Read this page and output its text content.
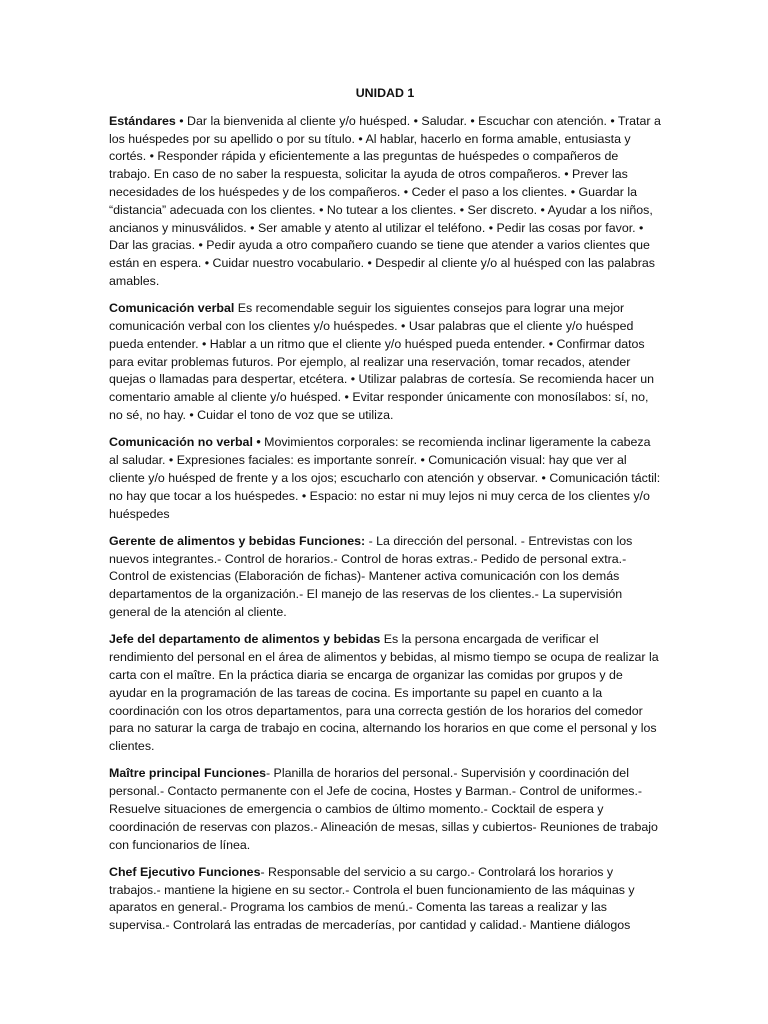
UNIDAD 1

Estándares • Dar la bienvenida al cliente y/o huésped. • Saludar. • Escuchar con atención. • Tratar a los huéspedes por su apellido o por su título. • Al hablar, hacerlo en forma amable, entusiasta y cortés. • Responder rápida y eficientemente a las preguntas de huéspedes o compañeros de trabajo. En caso de no saber la respuesta, solicitar la ayuda de otros compañeros. • Prever las necesidades de los huéspedes y de los compañeros. • Ceder el paso a los clientes. • Guardar la “distancia” adecuada con los clientes. • No tutear a los clientes. • Ser discreto. • Ayudar a los niños, ancianos y minusválidos. • Ser amable y atento al utilizar el teléfono. • Pedir las cosas por favor. • Dar las gracias. • Pedir ayuda a otro compañero cuando se tiene que atender a varios clientes que están en espera. • Cuidar nuestro vocabulario. • Despedir al cliente y/o al huésped con las palabras amables.

Comunicación verbal Es recomendable seguir los siguientes consejos para lograr una mejor comunicación verbal con los clientes y/o huéspedes. • Usar palabras que el cliente y/o huésped pueda entender. • Hablar a un ritmo que el cliente y/o huésped pueda entender. • Confirmar datos para evitar problemas futuros. Por ejemplo, al realizar una reservación, tomar recados, atender quejas o llamadas para despertar, etcétera. • Utilizar palabras de cortesía. Se recomienda hacer un comentario amable al cliente y/o huésped. • Evitar responder únicamente con monosílabos: sí, no, no sé, no hay. • Cuidar el tono de voz que se utiliza.

Comunicación no verbal • Movimientos corporales: se recomienda inclinar ligeramente la cabeza al saludar. • Expresiones faciales: es importante sonreír. • Comunicación visual: hay que ver al cliente y/o huésped de frente y a los ojos; escucharlo con atención y observar. • Comunicación táctil: no hay que tocar a los huéspedes. • Espacio: no estar ni muy lejos ni muy cerca de los clientes y/o huéspedes

Gerente de alimentos y bebidas Funciones: - La dirección del personal. - Entrevistas con los nuevos integrantes.- Control de horarios.- Control de horas extras.- Pedido de personal extra.- Control de existencias (Elaboración de fichas)- Mantener activa comunicación con los demás departamentos de la organización.- El manejo de las reservas de los clientes.- La supervisión general de la atención al cliente.

Jefe del departamento de alimentos y bebidas Es la persona encargada de verificar el rendimiento del personal en el área de alimentos y bebidas, al mismo tiempo se ocupa de realizar la carta con el maître. En la práctica diaria se encarga de organizar las comidas por grupos y de ayudar en la programación de las tareas de cocina. Es importante su papel en cuanto a la coordinación con los otros departamentos, para una correcta gestión de los horarios del comedor para no saturar la carga de trabajo en cocina, alternando los horarios en que come el personal y los clientes.

Maître principal Funciones- Planilla de horarios del personal.- Supervisión y coordinación del personal.- Contacto permanente con el Jefe de cocina, Hostes y Barman.- Control de uniformes.- Resuelve situaciones de emergencia o cambios de último momento.- Cocktail de espera y coordinación de reservas con plazos.- Alineación de mesas, sillas y cubiertos- Reuniones de trabajo con funcionarios de línea.

Chef Ejecutivo Funciones- Responsable del servicio a su cargo.- Controlará los horarios y trabajos.- mantiene la higiene en su sector.- Controla el buen funcionamiento de las máquinas y aparatos en general.- Programa los cambios de menú.- Comenta las tareas a realizar y las supervisa.- Controlará las entradas de mercaderías, por cantidad y calidad.- Mantiene diálogos
